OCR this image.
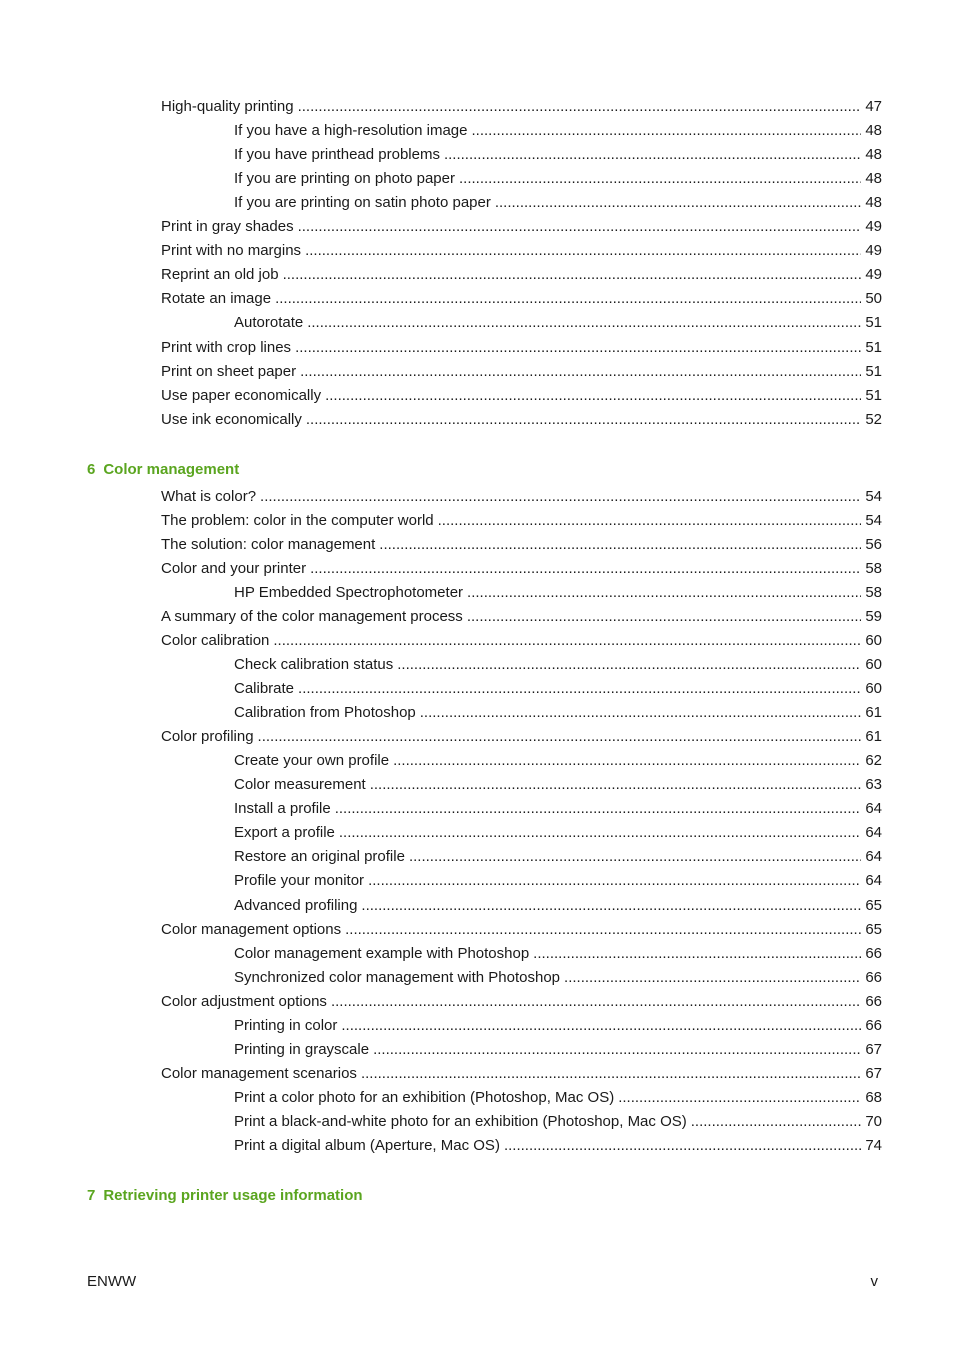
High-quality printing .....	47
If you have a high-resolution image .....	48
If you have printhead problems .....	48
If you are printing on photo paper .....	48
If you are printing on satin photo paper .....	48
Print in gray shades .....	49
Print with no margins .....	49
Reprint an old job .....	49
Rotate an image .....	50
Autorotate .....	51
Print with crop lines .....	51
Print on sheet paper .....	51
Use paper economically .....	51
Use ink economically .....	52
6 Color management
What is color? .....	54
The problem: color in the computer world .....	54
The solution: color management .....	56
Color and your printer .....	58
HP Embedded Spectrophotometer .....	58
A summary of the color management process .....	59
Color calibration .....	60
Check calibration status .....	60
Calibrate .....	60
Calibration from Photoshop .....	61
Color profiling .....	61
Create your own profile .....	62
Color measurement .....	63
Install a profile .....	64
Export a profile .....	64
Restore an original profile .....	64
Profile your monitor .....	64
Advanced profiling .....	65
Color management options .....	65
Color management example with Photoshop .....	66
Synchronized color management with Photoshop .....	66
Color adjustment options .....	66
Printing in color .....	66
Printing in grayscale .....	67
Color management scenarios .....	67
Print a color photo for an exhibition (Photoshop, Mac OS) .....	68
Print a black-and-white photo for an exhibition (Photoshop, Mac OS) .....	70
Print a digital album (Aperture, Mac OS) .....	74
7 Retrieving printer usage information
ENWW	v
